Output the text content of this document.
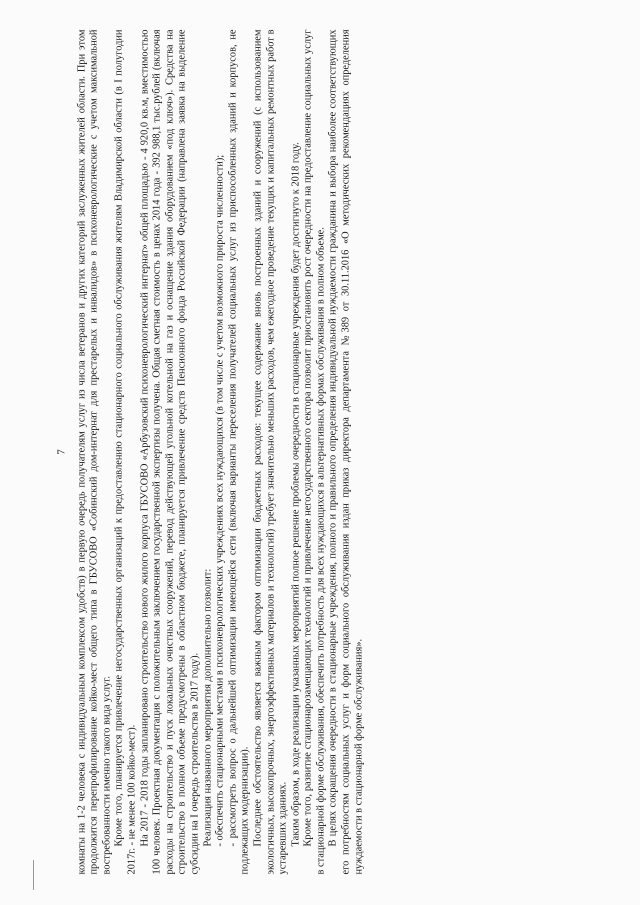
7 комнаты на 1-2 человека с индивидуальным комплексом удобств) в первую очередь получателям услуг из числа ветеранов и других категорий заслуженных жителей области. При этом продолжится перепрофилирование койко-мест общего типа в ГБУСОВО «Собинский дом-интернат для престарелых и инвалидов» в психоневрологические с учетом максимальной востребованности именно такого вида услуг. Кроме того, планируется привлечение негосударственных организаций к предоставлению стационарного социального обслуживания жителям Владимирской области (в I полугодии 2017г. - не менее 100 койко-мест). На 2017 - 2018 годы запланировано строительство нового жилого корпуса ГБУСОВО «Арбузовский психоневрологический интернат» общей площадью - 4 920,0 кв.м, вместимостью 100 человек. Проектная документация с положительным заключением государственной экспертизы получена. Общая сметная стоимость в ценах 2014 года - 392 988,1 тыс.рублей (включая расходы на строительство и пуск локальных очистных сооружений, перевод действующей угольной котельной на газ и оснащение здания оборудованием «под ключ»). Средства на строительство в полном объеме предусмотрены в областном бюджете, планируется привлечение средств Пенсионного фонда Российской Федерации (направлена заявка на выделение субсидии на I очередь строительства в 2017 году). Реализация названного мероприятия дополнительно позволит: - обеспечить стационарными местами в психоневрологических учреждениях всех нуждающихся (в том числе с учетом возможного прироста численности); - рассмотреть вопрос о дальнейшей оптимизации имеющейся сети (включая варианты переселения получателей социальных услуг из приспособленных зданий и корпусов, не подлежащих модернизации). Последнее обстоятельство является важным фактором оптимизации бюджетных расходов: текущее содержание вновь построенных зданий и сооружений (с использованием экологичных, высокопрочных, энергоэффективных материалов и технологий) требует значительно меньших расходов, чем ежегодное проведение текущих и капитальных ремонтных работ в устаревших зданиях. Таким образом, в ходе реализации указанных мероприятий полное решение проблемы очередности в стационарные учреждения будет достигнуто к 2018 году. Кроме того, развитие стационарозамещающих технологий и привлечение негосударственного сектора позволит приостановить рост очередности на предоставление социальных услуг в стационарной форме обслуживания, обеспечить потребность для всех нуждающихся в альтернативных формах обслуживания в полном объеме. В целях сокращения очередности в стационарные учреждения, полного и правильного определения индивидуальной нуждаемости гражданина и выбора наиболее соответствующих его потребностям социальных услуг и форм социального обслуживания издан приказ директора департамента №389 от 30.11.2016 «О методических рекомендациях определения нуждаемости в стационарной форме обслуживания».
